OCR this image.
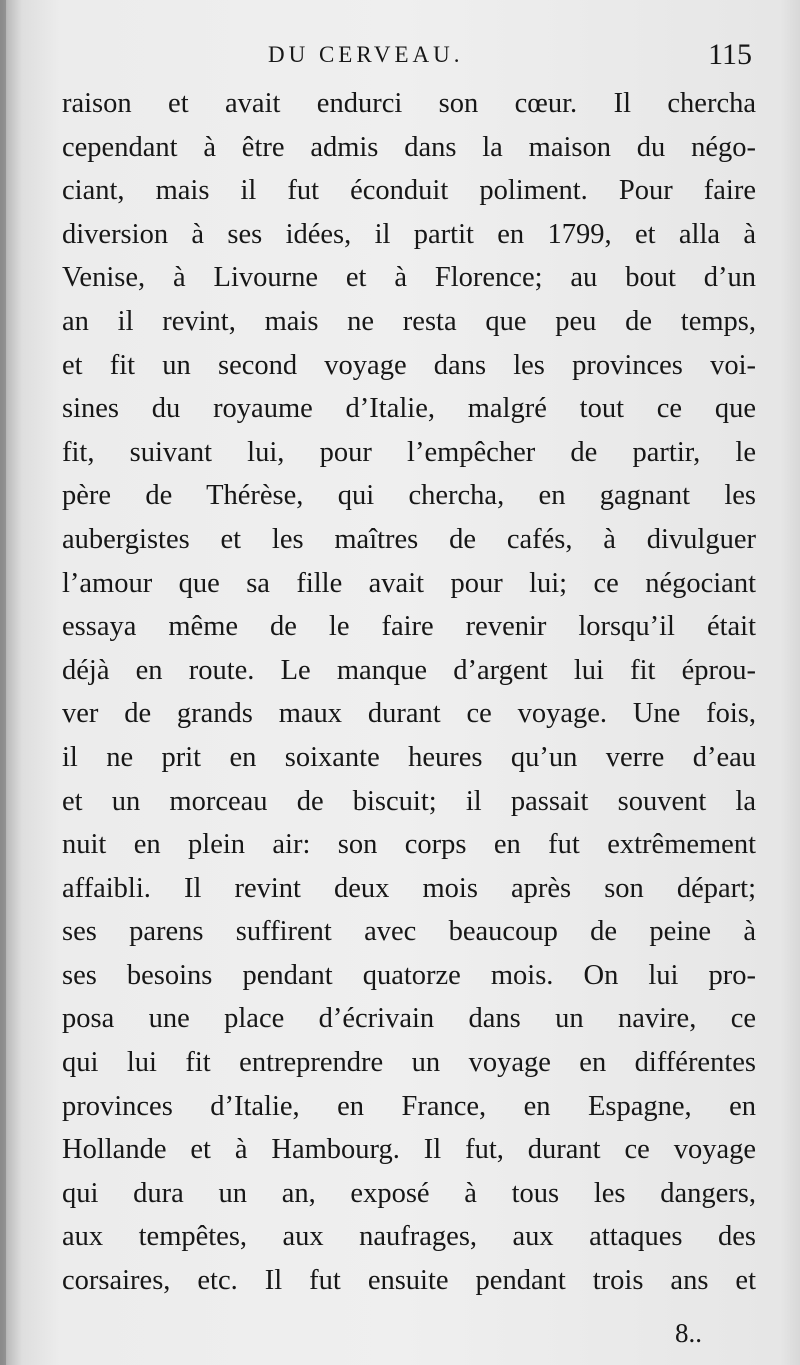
DU CERVEAU.	115
raison et avait endurci son cœur. Il chercha
cependant à être admis dans la maison du négo-
ciant, mais il fut éconduit poliment. Pour faire
diversion à ses idées, il partit en 1799, et alla à
Venise, à Livourne et à Florence; au bout d’un
an il revint, mais ne resta que peu de temps,
et fit un second voyage dans les provinces voi-
sines du royaume d’Italie, malgré tout ce que
fit, suivant lui, pour l’empêcher de partir, le
père de Thérèse, qui chercha, en gagnant les
aubergistes et les maîtres de cafés, à divulguer
l’amour que sa fille avait pour lui; ce négociant
essaya même de le faire revenir lorsqu’il était
déjà en route. Le manque d’argent lui fit éprou-
ver de grands maux durant ce voyage. Une fois,
il ne prit en soixante heures qu’un verre d’eau
et un morceau de biscuit; il passait souvent la
nuit en plein air: son corps en fut extrêmement
affaibli. Il revint deux mois après son départ;
ses parens suffirent avec beaucoup de peine à
ses besoins pendant quatorze mois. On lui pro-
posa une place d’écrivain dans un navire, ce
qui lui fit entreprendre un voyage en différentes
provinces d’Italie, en France, en Espagne, en
Hollande et à Hambourg. Il fut, durant ce voyage
qui dura un an, exposé à tous les dangers,
aux tempêtes, aux naufrages, aux attaques des
corsaires, etc. Il fut ensuite pendant trois ans et
8..
